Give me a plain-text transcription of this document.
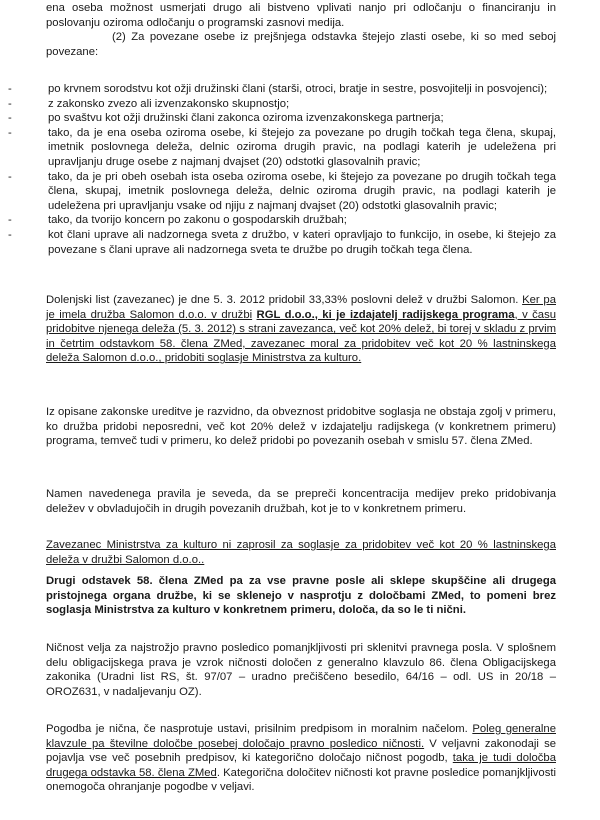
ena oseba možnost usmerjati drugo ali bistveno vplivati nanjo pri odločanju o financiranju in poslovanju oziroma odločanju o programski zasnovi medija.
(2) Za povezane osebe iz prejšnjega odstavka štejejo zlasti osebe, ki so med seboj povezane:
-	po krvnem sorodstvu kot ožji družinski člani (starši, otroci, bratje in sestre, posvojitelji in posvojenci);
-	z zakonsko zvezo ali izvenzakonsko skupnostjo;
-	po svaštvu kot ožji družinski člani zakonca oziroma izvenzakonskega partnerja;
-	tako, da je ena oseba oziroma osebe, ki štejejo za povezane po drugih točkah tega člena, skupaj, imetnik poslovnega deleža, delnic oziroma drugih pravic, na podlagi katerih je udeležena pri upravljanju druge osebe z najmanj dvajset (20) odstotki glasovalnih pravic;
-	tako, da je pri obeh osebah ista oseba oziroma osebe, ki štejejo za povezane po drugih točkah tega člena, skupaj, imetnik poslovnega deleža, delnic oziroma drugih pravic, na podlagi katerih je udeležena pri upravljanju vsake od njiju z najmanj dvajset (20) odstotki glasovalnih pravic;
-	tako, da tvorijo koncern po zakonu o gospodarskih družbah;
-	kot člani uprave ali nadzornega sveta z družbo, v kateri opravljajo to funkcijo, in osebe, ki štejejo za povezane s člani uprave ali nadzornega sveta te družbe po drugih točkah tega člena.
Dolenjski list (zavezanec) je dne 5. 3. 2012 pridobil 33,33% poslovni delež v družbi Salomon. Ker pa je imela družba Salomon d.o.o. v družbi RGL d.o.o., ki je izdajatelj radijskega programa, v času pridobitve njenega deleža (5. 3. 2012) s strani zavezanca, več kot 20% delež, bi torej v skladu z prvim in četrtim odstavkom 58. člena ZMed, zavezanec moral za pridobitev več kot 20 % lastninskega deleža Salomon d.o.o., pridobiti soglasje Ministrstva za kulturo.
Iz opisane zakonske ureditve je razvidno, da obveznost pridobitve soglasja ne obstaja zgolj v primeru, ko družba pridobi neposredni, več kot 20% delež v izdajatelju radijskega (v konkretnem primeru) programa, temveč tudi v primeru, ko delež pridobi po povezanih osebah v smislu 57. člena ZMed.
Namen navedenega pravila je seveda, da se prepreči koncentracija medijev preko pridobivanja deležev v obvladujočih in drugih povezanih družbah, kot je to v konkretnem primeru.
Zavezanec Ministrstva za kulturo ni zaprosil za soglasje za pridobitev več kot 20 % lastninskega deleža v družbi Salomon d.o.o..
Drugi odstavek 58. člena ZMed pa za vse pravne posle ali sklepe skupščine ali drugega pristojnega organa družbe, ki se sklenejo v nasprotju z določbami ZMed, to pomeni brez soglasja Ministrstva za kulturo v konkretnem primeru, določa, da so le ti nični.
Ničnost velja za najstrožjo pravno posledico pomanjkljivosti pri sklenitvi pravnega posla. V splošnem delu obligacijskega prava je vzrok ničnosti določen z generalno klavzulo 86. člena Obligacijskega zakonika (Uradni list RS, št. 97/07 – uradno prečiščeno besedilo, 64/16 – odl. US in 20/18 – OROZ631, v nadaljevanju OZ).
Pogodba je nična, če nasprotuje ustavi, prisilnim predpisom in moralnim načelom. Poleg generalne klavzule pa številne določbe posebej določajo pravno posledico ničnosti. V veljavni zakonodaji se pojavlja vse več posebnih predpisov, ki kategorično določajo ničnost pogodb, taka je tudi določba drugega odstavka 58. člena ZMed. Kategorična določitev ničnosti kot pravne posledice pomanjkljivosti onemogoča ohranjanje pogodbe v veljavi.
